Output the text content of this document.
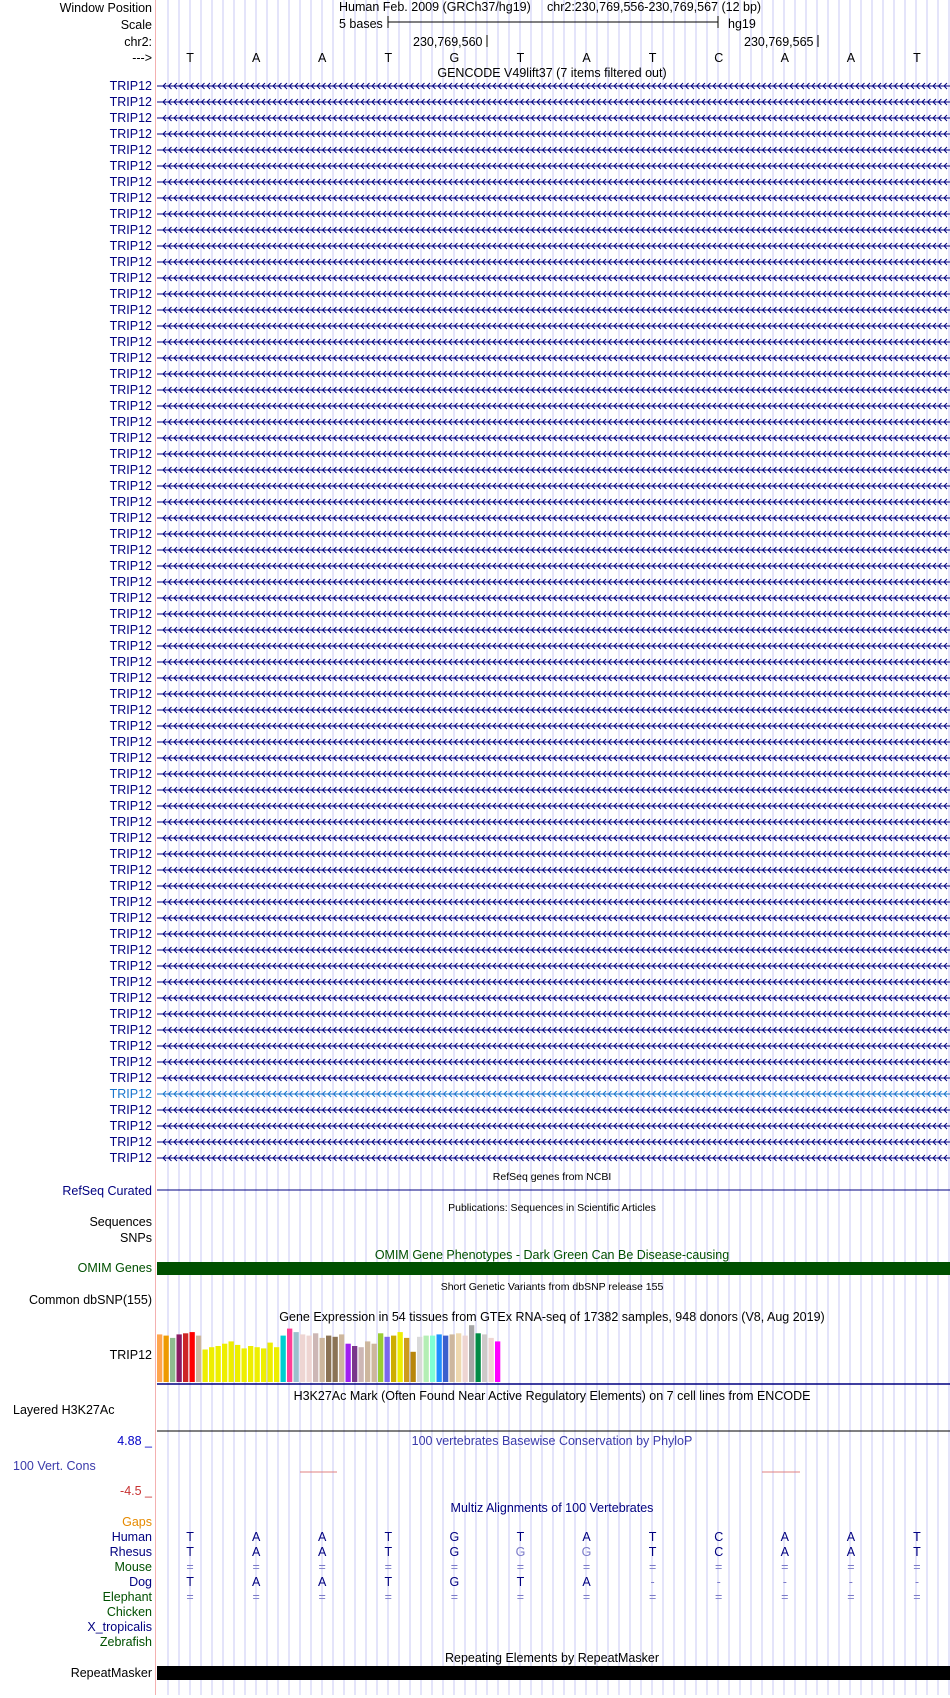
Window Position	Human Feb. 2009 (GRCh37/hg19) chr2:230,769,556-230,769,567 (12 bp)
Scale	5 bases	hg19
chr2:	230,769,560	230,769,565
--->	T	A	A	T	G	T	A	T	C	A	A	T
GENCODE V49lift37 (7 items filtered out)
TRIP12
TRIP12
TRIP12
TRIP12
TRIP12
TRIP12
TRIP12
TRIP12
TRIP12
TRIP12
TRIP12
TRIP12
TRIP12
TRIP12
TRIP12
TRIP12
TRIP12
TRIP12
TRIP12
TRIP12
TRIP12
TRIP12
TRIP12
TRIP12
TRIP12
TRIP12
TRIP12
TRIP12
TRIP12
TRIP12
TRIP12
TRIP12
TRIP12
TRIP12
TRIP12
TRIP12
TRIP12
TRIP12
TRIP12
TRIP12
TRIP12
TRIP12
TRIP12
TRIP12
TRIP12
TRIP12
TRIP12
TRIP12
TRIP12
TRIP12
TRIP12
TRIP12
TRIP12
TRIP12
TRIP12
TRIP12
TRIP12
TRIP12
TRIP12
TRIP12
TRIP12
TRIP12
TRIP12
TRIP12
TRIP12
TRIP12
TRIP12
TRIP12
RefSeq genes from NCBI
RefSeq Curated
Publications: Sequences in Scientific Articles
Sequences
SNPs
OMIM Gene Phenotypes - Dark Green Can Be Disease-causing
OMIM Genes
Short Genetic Variants from dbSNP release 155
Common dbSNP(155)
Gene Expression in 54 tissues from GTEx RNA-seq of 17382 samples, 948 donors (V8, Aug 2019)
TRIP12
H3K27Ac Mark (Often Found Near Active Regulatory Elements) on 7 cell lines from ENCODE
Layered H3K27Ac
4.88 _	100 vertebrates Basewise Conservation by PhyloP
100 Vert. Cons
-4.5 _
Multiz Alignments of 100 Vertebrates
Gaps
Human	T	A	A	T	G	T	A	T	C	A	A	T
Rhesus	T	A	A	T	G	G	G	T	C	A	A	T
Mouse	=	=	=	=	=	=	=	=	=	=	=	=
Dog	T	A	A	T	G	T	A	-	-	-	-	-
Elephant	=	=	=	=	=	=	=	=	=	=	=	=
Chicken
X_tropicalis
Zebrafish
Repeating Elements by RepeatMasker
RepeatMasker
